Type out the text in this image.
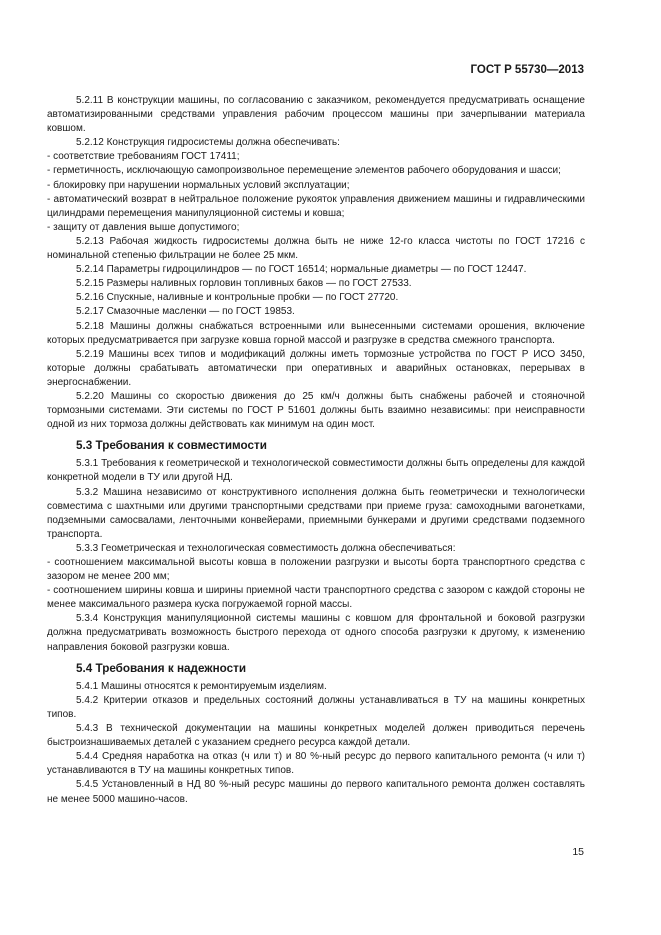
ГОСТ Р 55730—2013

5.2.11 В конструкции машины, по согласованию с заказчиком, рекомендуется предусматривать оснащение автоматизированными средствами управления рабочим процессом машины при зачерпывании материала ковшом.

5.2.12 Конструкция гидросистемы должна обеспечивать:

- соответствие требованиям ГОСТ 17411;

- герметичность, исключающую самопроизвольное перемещение элементов рабочего оборудования и шасси;

- блокировку при нарушении нормальных условий эксплуатации;

- автоматический возврат в нейтральное положение рукояток управления движением машины и гидравлическими цилиндрами перемещения манипуляционной системы и ковша;

- защиту от давления выше допустимого;

5.2.13 Рабочая жидкость гидросистемы должна быть не ниже 12-го класса чистоты по ГОСТ 17216 с номинальной степенью фильтрации не более 25 мкм.

5.2.14 Параметры гидроцилиндров — по ГОСТ 16514; нормальные диаметры — по ГОСТ 12447.

5.2.15 Размеры наливных горловин топливных баков — по ГОСТ 27533.

5.2.16 Спускные, наливные и контрольные пробки — по ГОСТ 27720.

5.2.17 Смазочные масленки — по ГОСТ 19853.

5.2.18 Машины должны снабжаться встроенными или вынесенными системами орошения, включение которых предусматривается при загрузке ковша горной массой и разгрузке в средства смежного транспорта.

5.2.19 Машины всех типов и модификаций должны иметь тормозные устройства по ГОСТ Р ИСО 3450, которые должны срабатывать автоматически при оперативных и аварийных остановках, перерывах в энергоснабжении.

5.2.20 Машины со скоростью движения до 25 км/ч должны быть снабжены рабочей и стояночной тормозными системами. Эти системы по ГОСТ Р 51601 должны быть взаимно независимы: при неисправности одной из них тормоза должны действовать как минимум на один мост.

5.3 Требования к совместимости

5.3.1 Требования к геометрической и технологической совместимости должны быть определены для каждой конкретной модели в ТУ или другой НД.

5.3.2 Машина независимо от конструктивного исполнения должна быть геометрически и технологически совместима с шахтными или другими транспортными средствами при приеме груза: самоходными вагонетками, подземными самосвалами, ленточными конвейерами, приемными бункерами и другими средствами подземного транспорта.

5.3.3 Геометрическая и технологическая совместимость должна обеспечиваться:

- соотношением максимальной высоты ковша в положении разгрузки и высоты борта транспортного средства с зазором не менее 200 мм;

- соотношением ширины ковша и ширины приемной части транспортного средства с зазором с каждой стороны не менее максимального размера куска погружаемой горной массы.

5.3.4 Конструкция манипуляционной системы машины с ковшом для фронтальной и боковой разгрузки должна предусматривать возможность быстрого перехода от одного способа разгрузки к другому, к изменению направления боковой разгрузки ковша.

5.4 Требования к надежности

5.4.1 Машины относятся к ремонтируемым изделиям.

5.4.2 Критерии отказов и предельных состояний должны устанавливаться в ТУ на машины конкретных типов.

5.4.3 В технической документации на машины конкретных моделей должен приводиться перечень быстроизнашиваемых деталей с указанием среднего ресурса каждой детали.

5.4.4 Средняя наработка на отказ (ч или т) и 80 %-ный ресурс до первого капитального ремонта (ч или т) устанавливаются в ТУ на машины конкретных типов.

5.4.5 Установленный в НД 80 %-ный ресурс машины до первого капитального ремонта должен составлять не менее 5000 машино-часов.

15
